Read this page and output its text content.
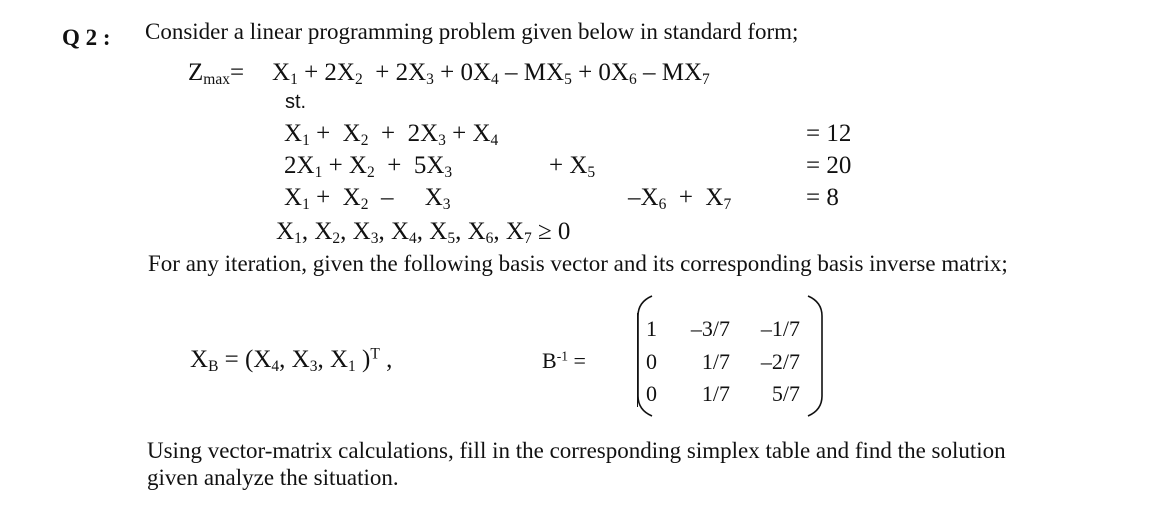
Q 2 : Consider a linear programming problem given below in standard form;
$Z_{max}= X_1 + 2X_2 + 2X_3 + 0X_4 - MX_5 + 0X_6 - MX_7$
st.
$X_1 + X_2 + 2X_3 + X_4$	= 12
$2X_1 + X_2 + 5X_3$	+ $X_5$	= 20
$X_1 + X_2$  –     $X_3$	$-X_6 + X_7$	= 8
$X_1$, $X_2$, $X_3$, $X_4$, $X_5$, $X_6$, $X_7 \ge 0$
For any iteration, given the following basis vector and its corresponding basis inverse matrix;
$X_B = (X_4$, $X_3$, $X_1$ )$^T$ ,	$B^{-1}$ =
1	–3/7	–1/7
0	1/7	–2/7
0	1/7	5/7
Using vector-matrix calculations, fill in the corresponding simplex table and find the solution
given analyze the situation.
